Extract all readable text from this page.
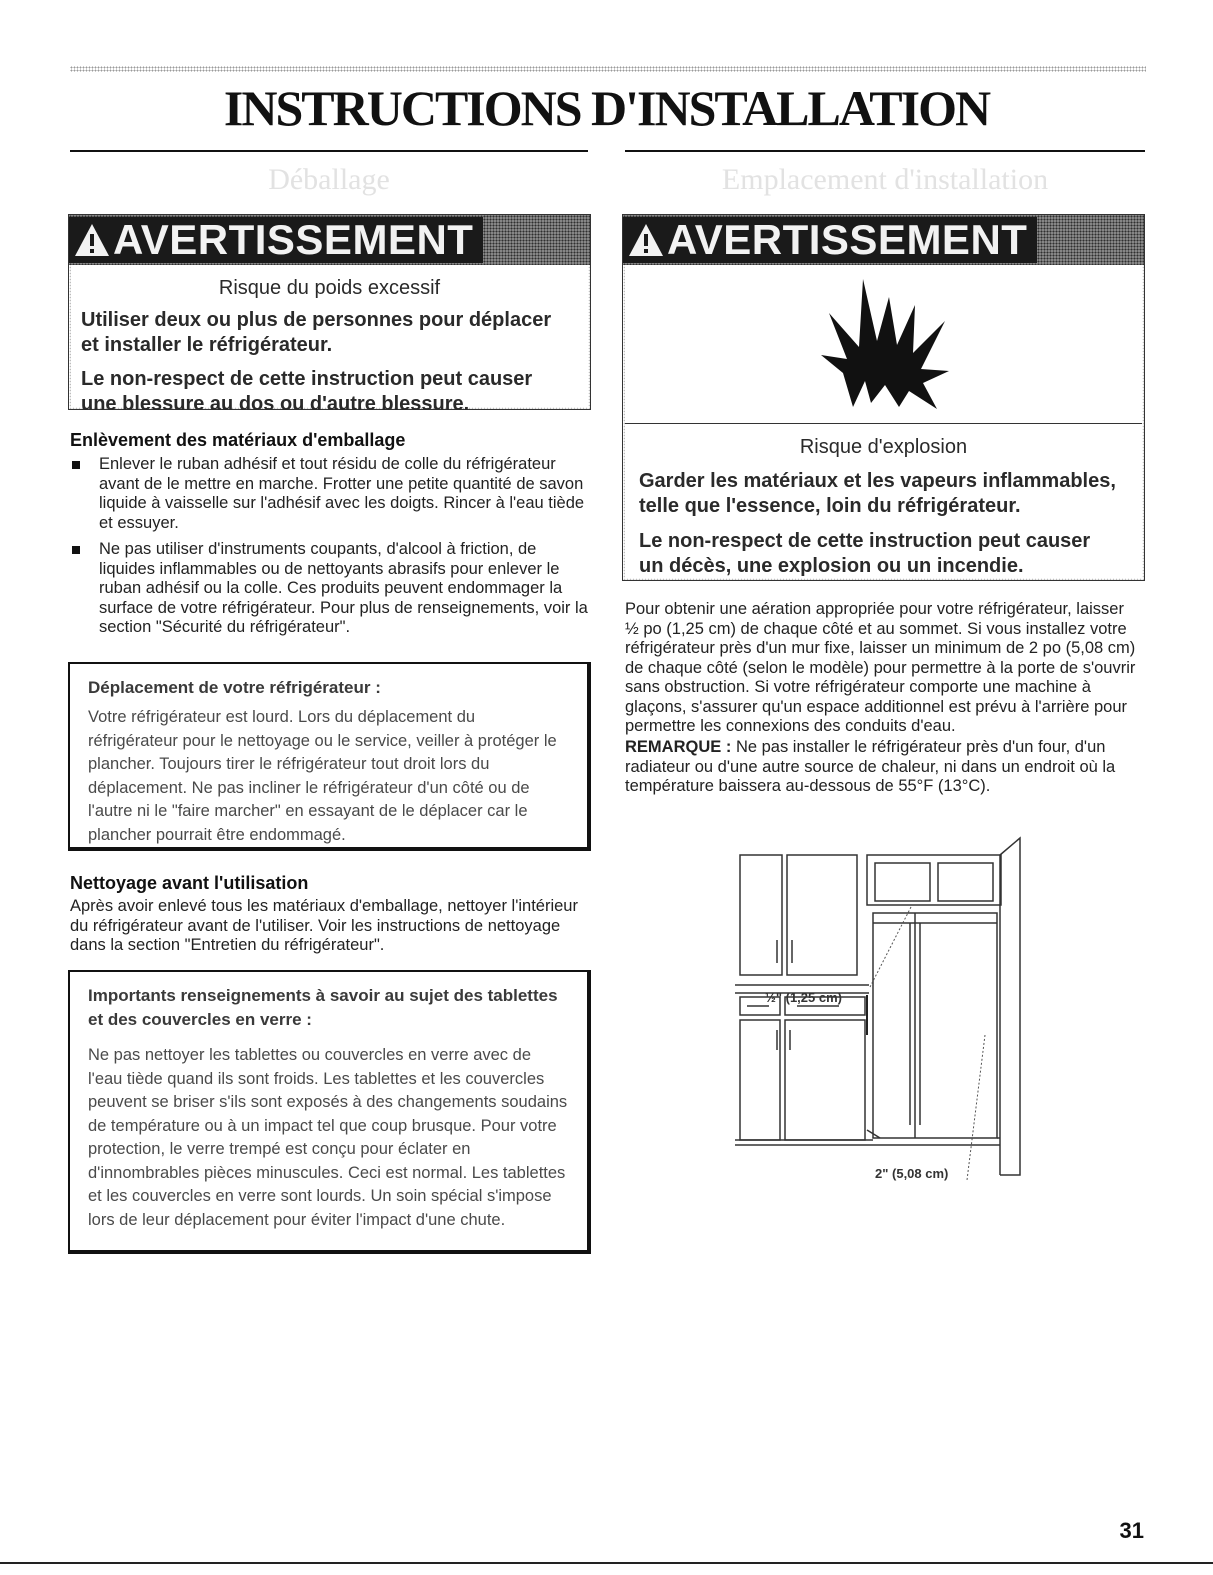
INSTRUCTIONS D'INSTALLATION
Déballage
AVERTISSEMENT

Risque du poids excessif

Utiliser deux ou plus de personnes pour déplacer

et installer le réfrigérateur.

Le non-respect de cette instruction peut causer

une blessure au dos ou d'autre blessure.

Enlèvement des matériaux d'emballage
Enlever le ruban adhésif et tout résidu de colle du réfrigérateur avant de le mettre en marche. Frotter une petite quantité de savon liquide à vaisselle sur l'adhésif avec les doigts. Rincer à l'eau tiède et essuyer.
Ne pas utiliser d'instruments coupants, d'alcool à friction, de liquides inflammables ou de nettoyants abrasifs pour enlever le ruban adhésif ou la colle. Ces produits peuvent endommager la surface de votre réfrigérateur. Pour plus de renseignements, voir la section "Sécurité du réfrigérateur".

Déplacement de votre réfrigérateur :

Votre réfrigérateur est lourd. Lors du déplacement du réfrigérateur pour le nettoyage ou le service, veiller à protéger le plancher. Toujours tirer le réfrigérateur tout droit lors du déplacement. Ne pas incliner le réfrigérateur d'un côté ou de l'autre ni le "faire marcher" en essayant de le déplacer car le plancher pourrait être endommagé.

Nettoyage avant l'utilisation
Après avoir enlevé tous les matériaux d'emballage, nettoyer l'intérieur du réfrigérateur avant de l'utiliser. Voir les instructions de nettoyage dans la section "Entretien du réfrigérateur".

Importants renseignements à savoir au sujet des tablettes et des couvercles en verre :

Ne pas nettoyer les tablettes ou couvercles en verre avec de l'eau tiède quand ils sont froids. Les tablettes et les couvercles peuvent se briser s'ils sont exposés à des changements soudains de température ou à un impact tel que coup brusque. Pour votre protection, le verre trempé est conçu pour éclater en d'innombrables pièces minuscules. Ceci est normal. Les tablettes et les couvercles en verre sont lourds. Un soin spécial s'impose lors de leur déplacement pour éviter l'impact d'une chute.

Emplacement d'installation
AVERTISSEMENT

Risque d'explosion

Garder les matériaux et les vapeurs inflammables,

telle que l'essence, loin du réfrigérateur.

Le non-respect de cette instruction peut causer

un décès, une explosion ou un incendie.

Pour obtenir une aération appropriée pour votre réfrigérateur, laisser ½ po (1,25 cm) de chaque côté et au sommet. Si vous installez votre réfrigérateur près d'un mur fixe, laisser un minimum de 2 po (5,08 cm) de chaque côté (selon le modèle) pour permettre à la porte de s'ouvrir sans obstruction. Si votre réfrigérateur comporte une machine à glaçons, s'assurer qu'un espace additionnel est prévu à l'arrière pour permettre les connexions des conduits d'eau.
REMARQUE : Ne pas installer le réfrigérateur près d'un four, d'un radiateur ou d'une autre source de chaleur, ni dans un endroit où la température baissera au-dessous de 55°F (13°C).
½" (1,25 cm)
2" (5,08 cm)
31
